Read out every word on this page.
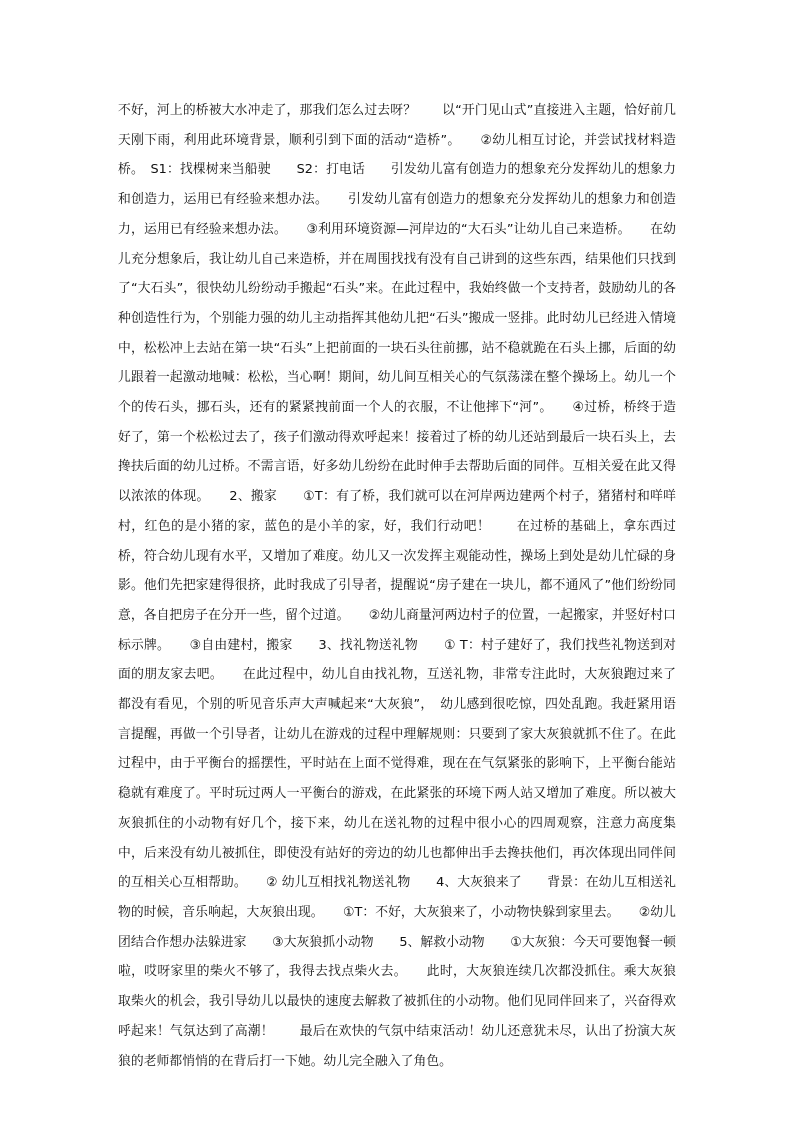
不好，河上的桥被大水冲走了，那我们怎么过去呀？　　以“开门见山式”直接进入主题，恰好前几天刚下雨，利用此环境背景，顺利引到下面的活动“造桥”。　　②幼儿相互讨论，并尝试找材料造桥。　S1：找棵树来当船驶　　S2：打电话　　引发幼儿富有创造力的想象充分发挥幼儿的想象力和创造力，运用已有经验来想办法。　　引发幼儿富有创造力的想象充分发挥幼儿的想象力和创造力，运用已有经验来想办法。　　③利用环境资源—河岸边的“大石头”让幼儿自己来造桥。　　在幼儿充分想象后，我让幼儿自己来造桥，并在周围找找有没有自己讲到的这些东西，结果他们只找到了“大石头”，很快幼儿纷纷动手搬起“石头”来。在此过程中，我始终做一个支持者，鼓励幼儿的各种创造性行为，个别能力强的幼儿主动指挥其他幼儿把“石头”搬成一竖排。此时幼儿已经进入情境中，松松冲上去站在第一块“石头”上把前面的一块石头往前挪，站不稳就跪在石头上挪，后面的幼儿跟着一起激动地喊：松松，当心啊！期间，幼儿间互相关心的气氛荡漾在整个操场上。幼儿一个个的传石头，挪石头，还有的紧紧拽前面一个人的衣服，不让他摔下“河”。　　④过桥，桥终于造好了，第一个松松过去了，孩子们激动得欢呼起来！接着过了桥的幼儿还站到最后一块石头上，去搀扶后面的幼儿过桥。不需言语，好多幼儿纷纷在此时伸手去帮助后面的同伴。互相关爱在此又得以浓浓的体现。　　2、搬家　　①T：有了桥，我们就可以在河岸两边建两个村子，猪猪村和咩咩村，红色的是小猪的家，蓝色的是小羊的家，好，我们行动吧！　　在过桥的基础上，拿东西过桥，符合幼儿现有水平，又增加了难度。幼儿又一次发挥主观能动性，操场上到处是幼儿忙碌的身影。他们先把家建得很挤，此时我成了引导者，提醒说“房子建在一块儿，都不通风了”他们纷纷同意，各自把房子在分开一些，留个过道。　　②幼儿商量河两边村子的位置，一起搬家，并竖好村口标示牌。　　③自由建村，搬家　　3、找礼物送礼物　　① T：村子建好了，我们找些礼物送到对面的朋友家去吧。　　在此过程中，幼儿自由找礼物，互送礼物，非常专注此时，大灰狼跑过来了都没有看见，个别的听见音乐声大声喊起来“大灰狼”，　幼儿感到很吃惊，四处乱跑。我赶紧用语言提醒，再做一个引导者，让幼儿在游戏的过程中理解规则：只要到了家大灰狼就抓不住了。在此过程中，由于平衡台的摇摆性，平时站在上面不觉得难，现在在气氛紧张的影响下，上平衡台能站稳就有难度了。平时玩过两人一平衡台的游戏，在此紧张的环境下两人站又增加了难度。所以被大灰狼抓住的小动物有好几个，接下来，幼儿在送礼物的过程中很小心的四周观察，注意力高度集中，后来没有幼儿被抓住，即使没有站好的旁边的幼儿也都伸出手去搀扶他们，再次体现出同伴间的互相关心互相帮助。　　② 幼儿互相找礼物送礼物　　4、大灰狼来了　　背景：在幼儿互相送礼物的时候，音乐响起，大灰狼出现。　　①T：不好，大灰狼来了，小动物快躲到家里去。　　②幼儿团结合作想办法躲进家　　③大灰狼抓小动物　　5、解救小动物　　①大灰狼：今天可要饱餐一顿啦，哎呀家里的柴火不够了，我得去找点柴火去。　　此时，大灰狼连续几次都没抓住。乘大灰狼取柴火的机会，我引导幼儿以最快的速度去解救了被抓住的小动物。他们见同伴回来了，兴奋得欢呼起来！气氛达到了高潮！　　最后在欢快的气氛中结束活动！幼儿还意犹未尽，认出了扮演大灰狼的老师都悄悄的在背后打一下她。幼儿完全融入了角色。
